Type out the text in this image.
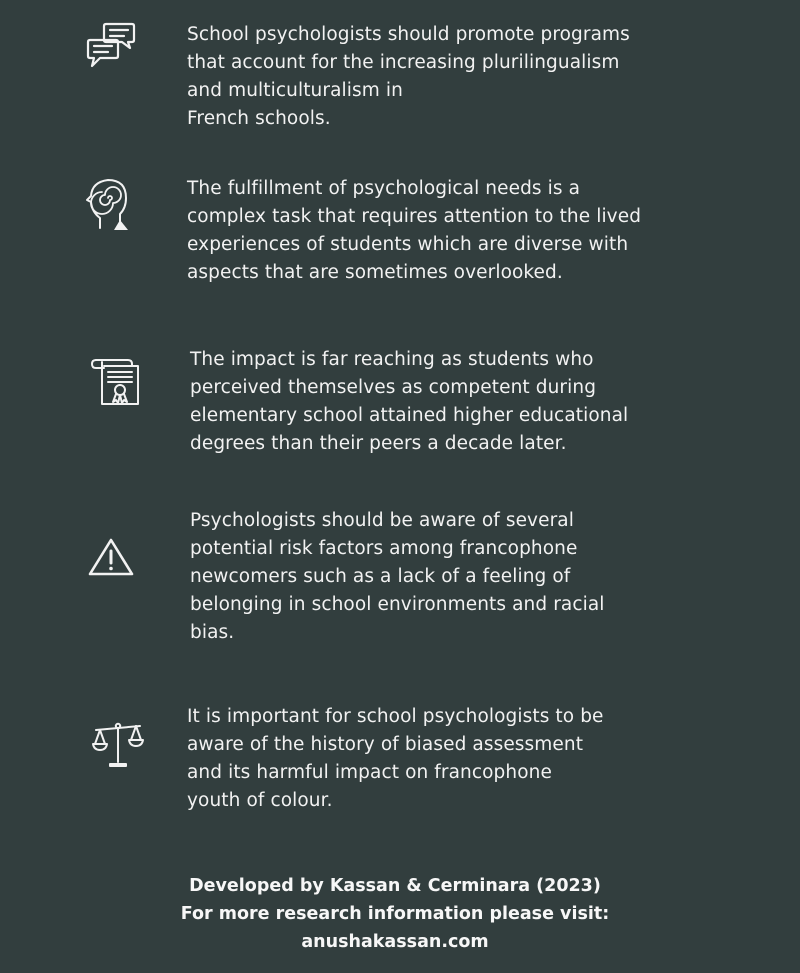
School psychologists should promote programs
that account for the increasing plurilingualism
and multiculturalism in
French schools.
The fulfillment of psychological needs is a
complex task that requires attention to the lived
experiences of students which are diverse with
aspects that are sometimes overlooked.
The impact is far reaching as students who
perceived themselves as competent during
elementary school attained higher educational
degrees than their peers a decade later.
Psychologists should be aware of several
potential risk factors among francophone
newcomers such as a lack of a feeling of
belonging in school environments and racial
bias.
It is important for school psychologists to be
aware of the history of biased assessment
and its harmful impact on francophone
youth of colour.
Developed by Kassan & Cerminara (2023)
For more research information please visit:
anushakassan.com
